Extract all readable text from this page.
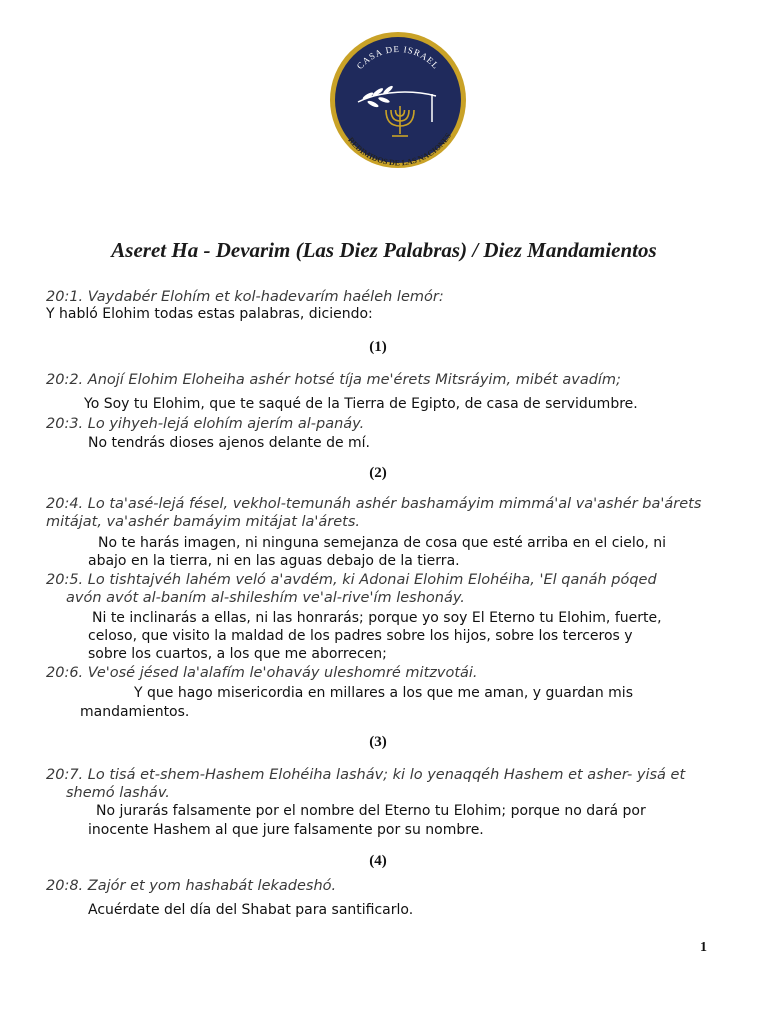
CASA DE ISRAEL
REDIMIDOS DE LAS NACIONES
Aseret Ha - Devarim (Las Diez Palabras) / Diez Mandamientos
20:1. Vaydabér Elohím et kol-hadevarím haéleh lemór:
Y habló Elohim todas estas palabras, diciendo:
(1)
20:2. Anojí Elohim Eloheiha ashér hotsé tíja me'érets Mitsráyim, mibét avadím;
Yo Soy tu Elohim, que te saqué de la Tierra de Egipto, de casa de servidumbre.
20:3. Lo yihyeh-lejá elohím ajerím al-panáy.
No tendrás dioses ajenos delante de mí.
(2)
20:4. Lo ta'asé-lejá fésel, vekhol-temunáh ashér bashamáyim mimmá'al va'ashér ba'árets
mitájat, va'ashér bamáyim mitájat la'árets.
No te harás imagen, ni ninguna semejanza de cosa que esté arriba en el cielo, ni
abajo en la tierra, ni en las aguas debajo de la tierra.
20:5. Lo tishtajvéh lahém veló a'avdém, ki Adonai Elohim Elohéiha, 'El qanáh póqed
avón avót al-baním al-shileshím ve'al-rive'ím leshonáy.
Ni te inclinarás a ellas, ni las honrarás; porque yo soy El Eterno tu Elohim, fuerte,
celoso, que visito la maldad de los padres sobre los hijos, sobre los terceros y
sobre los cuartos, a los que me aborrecen;
20:6. Ve'osé jésed la'alafím le'ohaváy uleshomré mitzvotái.
Y que hago misericordia en millares a los que me aman, y guardan mis
mandamientos.
(3)
20:7. Lo tisá et-shem-Hashem Elohéiha lasháv; ki lo yenaqqéh Hashem et asher- yisá et
shemó lasháv.
No jurarás falsamente por el nombre del Eterno tu Elohim; porque no dará por
inocente Hashem al que jure falsamente por su nombre.
(4)
20:8. Zajór et yom hashabát lekadeshó.
Acuérdate del día del Shabat para santificarlo.
1
